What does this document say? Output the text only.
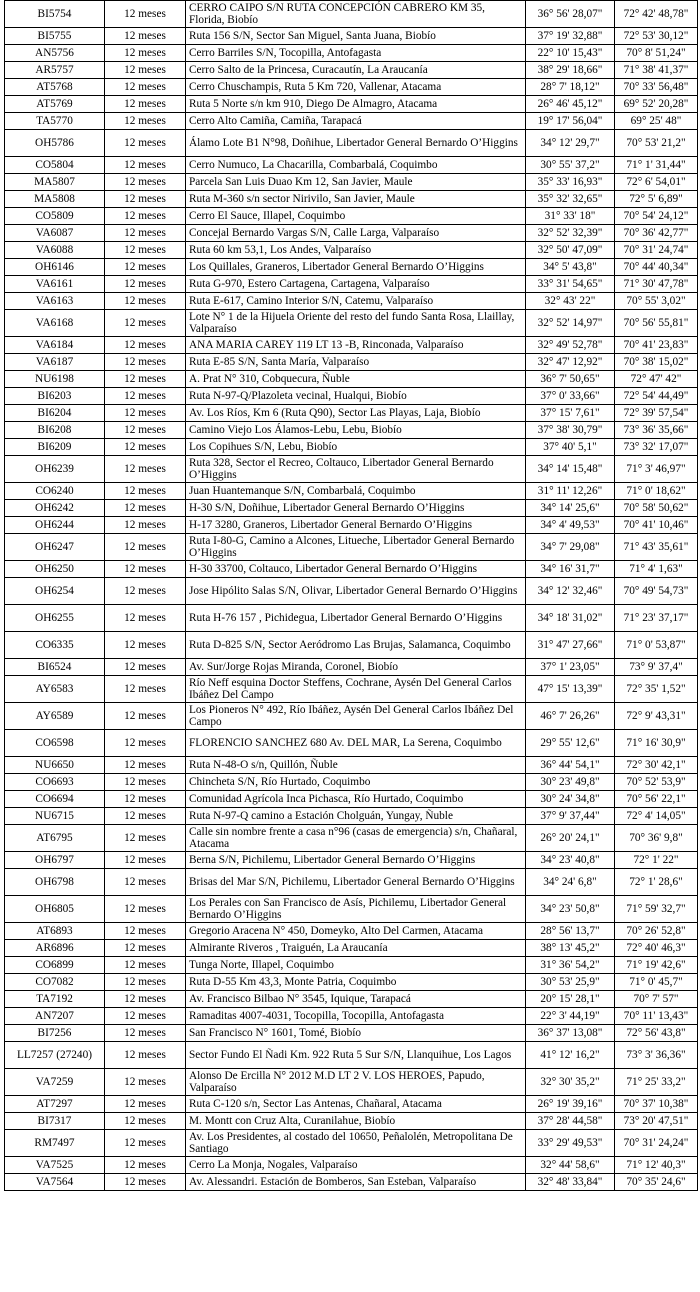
BI5754	12 meses	CERRO CAIPO S/N RUTA CONCEPCIÓN CABRERO KM 35, Florida, Biobío	36° 56' 28,07"	72° 42' 48,78"
BI5755	12 meses	Ruta 156 S/N, Sector San Miguel, Santa Juana, Biobío	37° 19' 32,88"	72° 53' 30,12"
AN5756	12 meses	Cerro Barriles S/N, Tocopilla, Antofagasta	22° 10' 15,43"	70° 8' 51,24"
AR5757	12 meses	Cerro Salto de la Princesa, Curacautín, La Araucanía	38° 29' 18,66"	71° 38' 41,37"
AT5768	12 meses	Cerro Chuschampis, Ruta 5 Km 720, Vallenar, Atacama	28° 7' 18,12"	70° 33' 56,48"
AT5769	12 meses	Ruta 5 Norte s/n km 910, Diego De Almagro, Atacama	26° 46' 45,12"	69° 52' 20,28"
TA5770	12 meses	Cerro Alto Camiña, Camiña, Tarapacá	19° 17' 56,04"	69° 25' 48"
OH5786	12 meses	Álamo Lote B1 N°98, Doñihue, Libertador General Bernardo O’Higgins	34° 12' 29,7"	70° 53' 21,2"
CO5804	12 meses	Cerro Numuco, La Chacarilla, Combarbalá, Coquimbo	30° 55' 37,2"	71° 1' 31,44"
MA5807	12 meses	Parcela San Luis Duao Km 12, San Javier, Maule	35° 33' 16,93"	72° 6' 54,01"
MA5808	12 meses	Ruta M-360 s/n sector Nirivilo, San Javier, Maule	35° 32' 32,65"	72° 5' 6,89"
CO5809	12 meses	Cerro El Sauce, Illapel, Coquimbo	31° 33' 18"	70° 54' 24,12"
VA6087	12 meses	Concejal Bernardo Vargas S/N, Calle Larga, Valparaíso	32° 52' 32,39"	70° 36' 42,77"
VA6088	12 meses	Ruta 60 km 53,1, Los Andes, Valparaíso	32° 50' 47,09"	70° 31' 24,74"
OH6146	12 meses	Los Quillales, Graneros, Libertador General Bernardo O’Higgins	34° 5' 43,8"	70° 44' 40,34"
VA6161	12 meses	Ruta G-970, Estero Cartagena, Cartagena, Valparaíso	33° 31' 54,65"	71° 30' 47,78"
VA6163	12 meses	Ruta E-617, Camino Interior S/N, Catemu, Valparaíso	32° 43' 22"	70° 55' 3,02"
VA6168	12 meses	Lote N° 1 de la Hijuela Oriente del resto del fundo Santa Rosa, Llaillay, Valparaíso	32° 52' 14,97"	70° 56' 55,81"
VA6184	12 meses	ANA MARIA CAREY 119 LT 13 -B, Rinconada, Valparaíso	32° 49' 52,78"	70° 41' 23,83"
VA6187	12 meses	Ruta E-85 S/N, Santa María, Valparaíso	32° 47' 12,92"	70° 38' 15,02"
NU6198	12 meses	A. Prat N° 310, Cobquecura, Ñuble	36° 7' 50,65"	72° 47' 42"
BI6203	12 meses	Ruta N-97-Q/Plazoleta vecinal, Hualqui, Biobío	37° 0' 33,66"	72° 54' 44,49"
BI6204	12 meses	Av. Los Ríos, Km 6 (Ruta Q90), Sector Las Playas, Laja, Biobío	37° 15' 7,61"	72° 39' 57,54"
BI6208	12 meses	Camino Viejo Los Álamos-Lebu, Lebu, Biobío	37° 38' 30,79"	73° 36' 35,66"
BI6209	12 meses	Los Copihues S/N, Lebu, Biobío	37° 40' 5,1"	73° 32' 17,07"
OH6239	12 meses	Ruta 328, Sector el Recreo, Coltauco, Libertador General Bernardo O’Higgins	34° 14' 15,48"	71° 3' 46,97"
CO6240	12 meses	Juan Huantemanque S/N, Combarbalá, Coquimbo	31° 11' 12,26"	71° 0' 18,62"
OH6242	12 meses	H-30 S/N, Doñihue, Libertador General Bernardo O’Higgins	34° 14' 25,6"	70° 58' 50,62"
OH6244	12 meses	H-17 3280, Graneros, Libertador General Bernardo O’Higgins	34° 4' 49,53"	70° 41' 10,46"
OH6247	12 meses	Ruta I-80-G, Camino a Alcones, Litueche, Libertador General Bernardo O’Higgins	34° 7' 29,08"	71° 43' 35,61"
OH6250	12 meses	H-30 33700, Coltauco, Libertador General Bernardo O’Higgins	34° 16' 31,7"	71° 4' 1,63"
OH6254	12 meses	Jose Hipólito Salas S/N, Olivar, Libertador General Bernardo O’Higgins	34° 12' 32,46"	70° 49' 54,73"
OH6255	12 meses	Ruta H-76 157 , Pichidegua, Libertador General Bernardo O’Higgins	34° 18' 31,02"	71° 23' 37,17"
CO6335	12 meses	Ruta D-825 S/N, Sector Aeródromo Las Brujas, Salamanca, Coquimbo	31° 47' 27,66"	71° 0' 53,87"
BI6524	12 meses	Av. Sur/Jorge Rojas Miranda, Coronel, Biobío	37° 1' 23,05"	73° 9' 37,4"
AY6583	12 meses	Río Neff esquina Doctor Steffens, Cochrane, Aysén Del General Carlos Ibáñez Del Campo	47° 15' 13,39"	72° 35' 1,52"
AY6589	12 meses	Los Pioneros N° 492, Río Ibáñez, Aysén Del General Carlos Ibáñez Del Campo	46° 7' 26,26"	72° 9' 43,31"
CO6598	12 meses	FLORENCIO SANCHEZ 680 Av. DEL MAR, La Serena, Coquimbo	29° 55' 12,6"	71° 16' 30,9"
NU6650	12 meses	Ruta N-48-O s/n, Quillón, Ñuble	36° 44' 54,1"	72° 30' 42,1"
CO6693	12 meses	Chincheta S/N, Río Hurtado, Coquimbo	30° 23' 49,8"	70° 52' 53,9"
CO6694	12 meses	Comunidad Agrícola Inca Pichasca, Río Hurtado, Coquimbo	30° 24' 34,8"	70° 56' 22,1"
NU6715	12 meses	Ruta N-97-Q camino a Estación Cholguán, Yungay, Ñuble	37° 9' 37,44"	72° 4' 14,05"
AT6795	12 meses	Calle sin nombre frente a casa n°96 (casas de emergencia) s/n, Chañaral, Atacama	26° 20' 24,1"	70° 36' 9,8"
OH6797	12 meses	Berna S/N, Pichilemu, Libertador General Bernardo O’Higgins	34° 23' 40,8"	72° 1' 22"
OH6798	12 meses	Brisas del Mar S/N, Pichilemu, Libertador General Bernardo O’Higgins	34° 24' 6,8"	72° 1' 28,6"
OH6805	12 meses	Los Perales con San Francisco de Asís, Pichilemu, Libertador General Bernardo O’Higgins	34° 23' 50,8"	71° 59' 32,7"
AT6893	12 meses	Gregorio Aracena N° 450, Domeyko, Alto Del Carmen, Atacama	28° 56' 13,7"	70° 26' 52,8"
AR6896	12 meses	Almirante Riveros , Traiguén, La Araucanía	38° 13' 45,2"	72° 40' 46,3"
CO6899	12 meses	Tunga Norte, Illapel, Coquimbo	31° 36' 54,2"	71° 19' 42,6"
CO7082	12 meses	Ruta D-55 Km 43,3, Monte Patria, Coquimbo	30° 53' 25,9"	71° 0' 45,7"
TA7192	12 meses	Av. Francisco Bilbao N° 3545, Iquique, Tarapacá	20° 15' 28,1"	70° 7' 57"
AN7207	12 meses	Ramaditas 4007-4031, Tocopilla, Tocopilla, Antofagasta	22° 3' 44,19"	70° 11' 13,43"
BI7256	12 meses	San Francisco N° 1601, Tomé, Biobío	36° 37' 13,08"	72° 56' 43,8"
LL7257 (27240)	12 meses	Sector Fundo El Ñadi Km. 922 Ruta 5 Sur S/N, Llanquihue, Los Lagos	41° 12' 16,2"	73° 3' 36,36"
VA7259	12 meses	Alonso De Ercilla N° 2012 M.D LT 2 V. LOS HEROES, Papudo, Valparaíso	32° 30' 35,2"	71° 25' 33,2"
AT7297	12 meses	Ruta C-120 s/n, Sector Las Antenas, Chañaral, Atacama	26° 19' 39,16"	70° 37' 10,38"
BI7317	12 meses	M. Montt con Cruz Alta, Curanilahue, Biobío	37° 28' 44,58"	73° 20' 47,51"
RM7497	12 meses	Av. Los Presidentes, al costado del 10650, Peñalolén, Metropolitana De Santiago	33° 29' 49,53"	70° 31' 24,24"
VA7525	12 meses	Cerro La Monja, Nogales, Valparaíso	32° 44' 58,6"	71° 12' 40,3"
VA7564	12 meses	Av. Alessandri. Estación de Bomberos, San Esteban, Valparaíso	32° 48' 33,84"	70° 35' 24,6"
